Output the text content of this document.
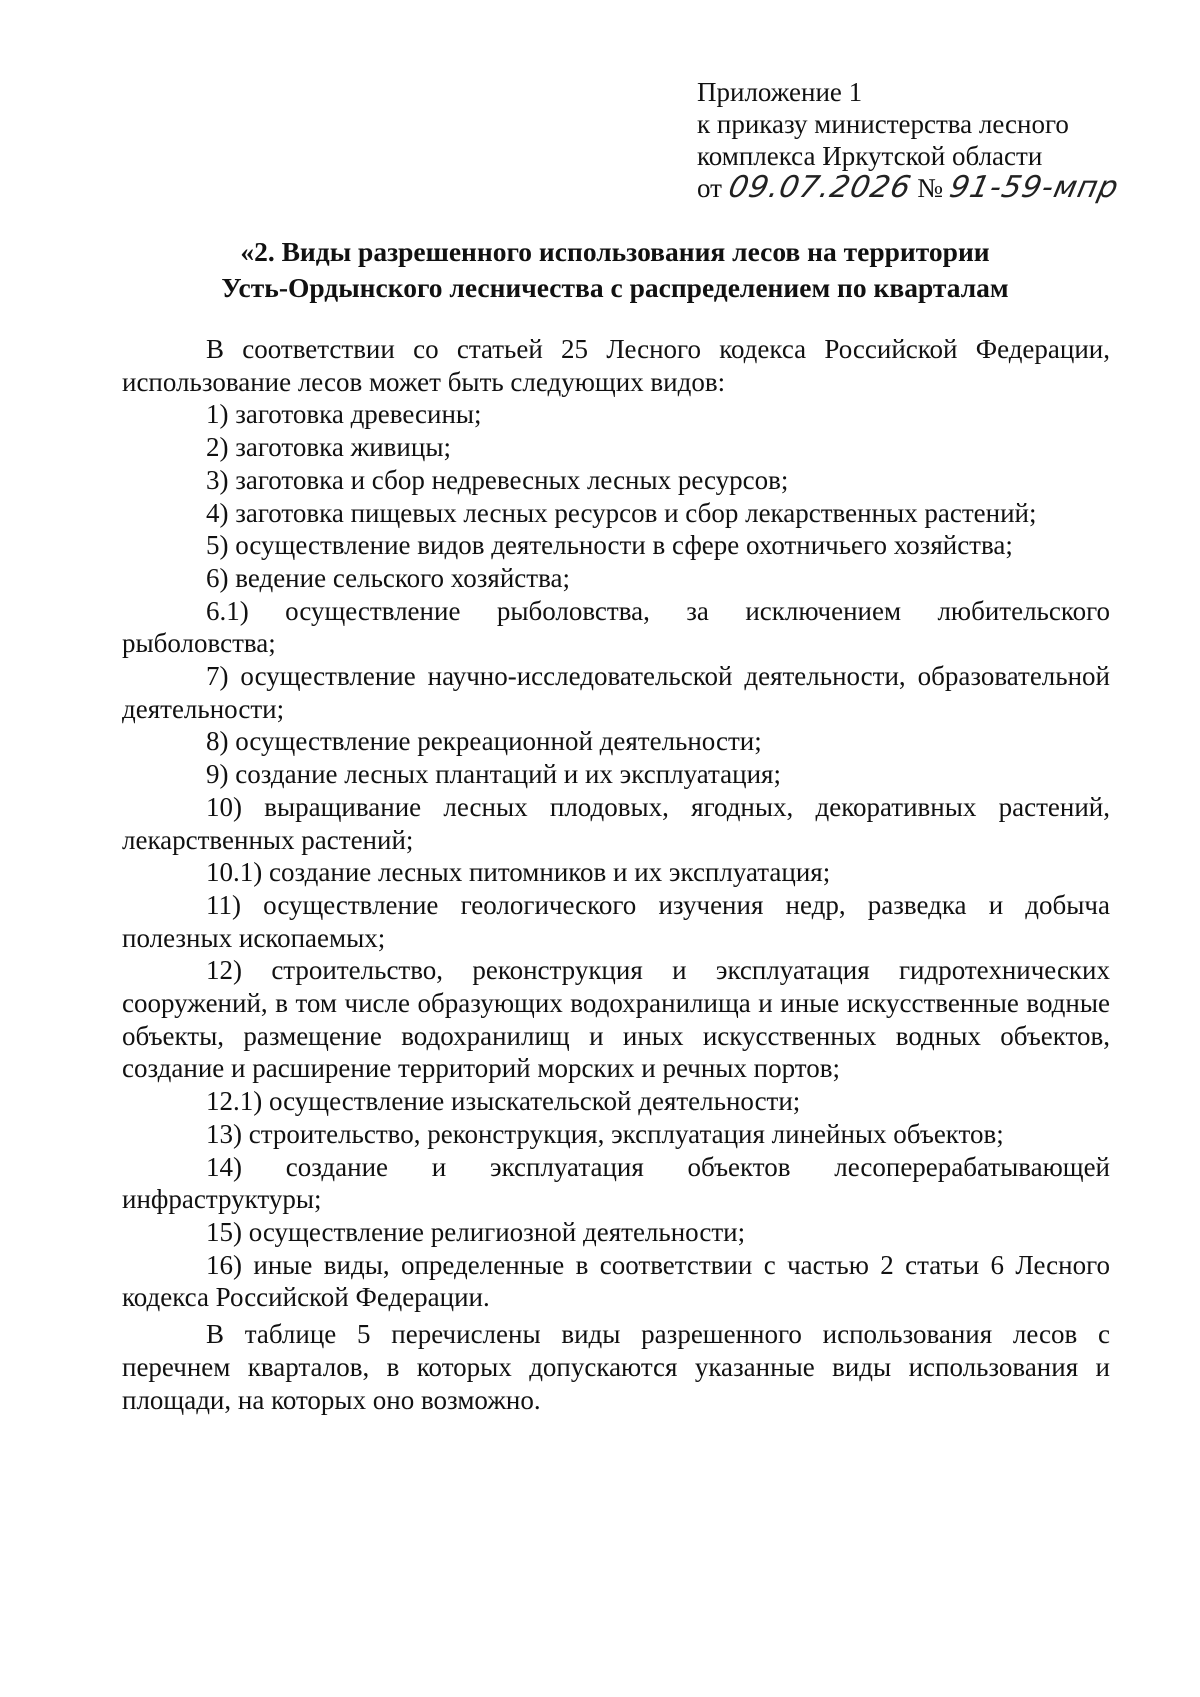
Приложение 1
к приказу министерства лесного
комплекса Иркутской области
от 09.07.2026 № 91-59-мпр
«2. Виды разрешенного использования лесов на территории
Усть-Ордынского лесничества с распределением по кварталам

В соответствии со статьей 25 Лесного кодекса Российской Федерации, использование лесов может быть следующих видов:

1) заготовка древесины;

2) заготовка живицы;

3) заготовка и сбор недревесных лесных ресурсов;

4) заготовка пищевых лесных ресурсов и сбор лекарственных растений;

5) осуществление видов деятельности в сфере охотничьего хозяйства;

6) ведение сельского хозяйства;

6.1) осуществление рыболовства, за исключением любительского рыболовства;

7) осуществление научно-исследовательской деятельности, образовательной деятельности;

8) осуществление рекреационной деятельности;

9) создание лесных плантаций и их эксплуатация;

10) выращивание лесных плодовых, ягодных, декоративных растений, лекарственных растений;

10.1) создание лесных питомников и их эксплуатация;

11) осуществление геологического изучения недр, разведка и добыча полезных ископаемых;

12) строительство, реконструкция и эксплуатация гидротехнических сооружений, в том числе образующих водохранилища и иные искусственные водные объекты, размещение водохранилищ и иных искусственных водных объектов, создание и расширение территорий морских и речных портов;

12.1) осуществление изыскательской деятельности;

13) строительство, реконструкция, эксплуатация линейных объектов;

14) создание и эксплуатация объектов лесоперерабатывающей инфраструктуры;

15) осуществление религиозной деятельности;

16) иные виды, определенные в соответствии с частью 2 статьи 6 Лесного кодекса Российской Федерации.

В таблице 5 перечислены виды разрешенного использования лесов с перечнем кварталов, в которых допускаются указанные виды использования и площади, на которых оно возможно.
